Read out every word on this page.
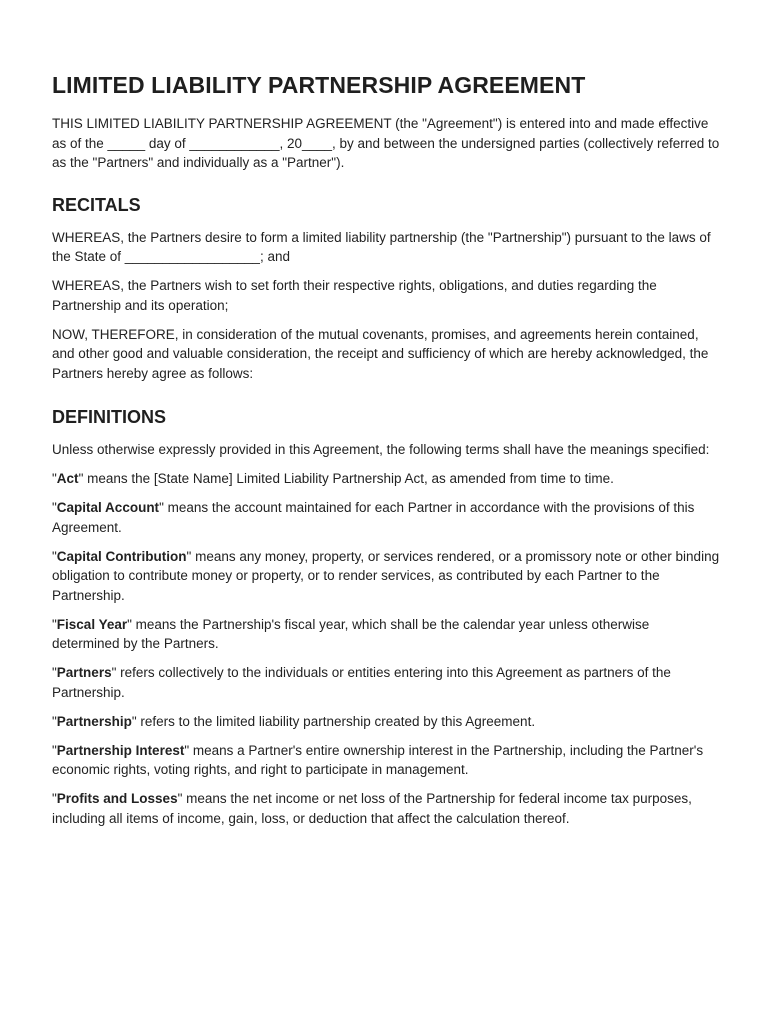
LIMITED LIABILITY PARTNERSHIP AGREEMENT

THIS LIMITED LIABILITY PARTNERSHIP AGREEMENT (the "Agreement") is entered into and made effective as of the _____ day of ____________, 20____, by and between the undersigned parties (collectively referred to as the "Partners" and individually as a "Partner").

RECITALS

WHEREAS, the Partners desire to form a limited liability partnership (the "Partnership") pursuant to the laws of the State of __________________; and

WHEREAS, the Partners wish to set forth their respective rights, obligations, and duties regarding the Partnership and its operation;

NOW, THEREFORE, in consideration of the mutual covenants, promises, and agreements herein contained, and other good and valuable consideration, the receipt and sufficiency of which are hereby acknowledged, the Partners hereby agree as follows:

DEFINITIONS

Unless otherwise expressly provided in this Agreement, the following terms shall have the meanings specified:

"Act" means the [State Name] Limited Liability Partnership Act, as amended from time to time.

"Capital Account" means the account maintained for each Partner in accordance with the provisions of this Agreement.

"Capital Contribution" means any money, property, or services rendered, or a promissory note or other binding obligation to contribute money or property, or to render services, as contributed by each Partner to the Partnership.

"Fiscal Year" means the Partnership's fiscal year, which shall be the calendar year unless otherwise determined by the Partners.

"Partners" refers collectively to the individuals or entities entering into this Agreement as partners of the Partnership.

"Partnership" refers to the limited liability partnership created by this Agreement.

"Partnership Interest" means a Partner's entire ownership interest in the Partnership, including the Partner's economic rights, voting rights, and right to participate in management.

"Profits and Losses" means the net income or net loss of the Partnership for federal income tax purposes, including all items of income, gain, loss, or deduction that affect the calculation thereof.
